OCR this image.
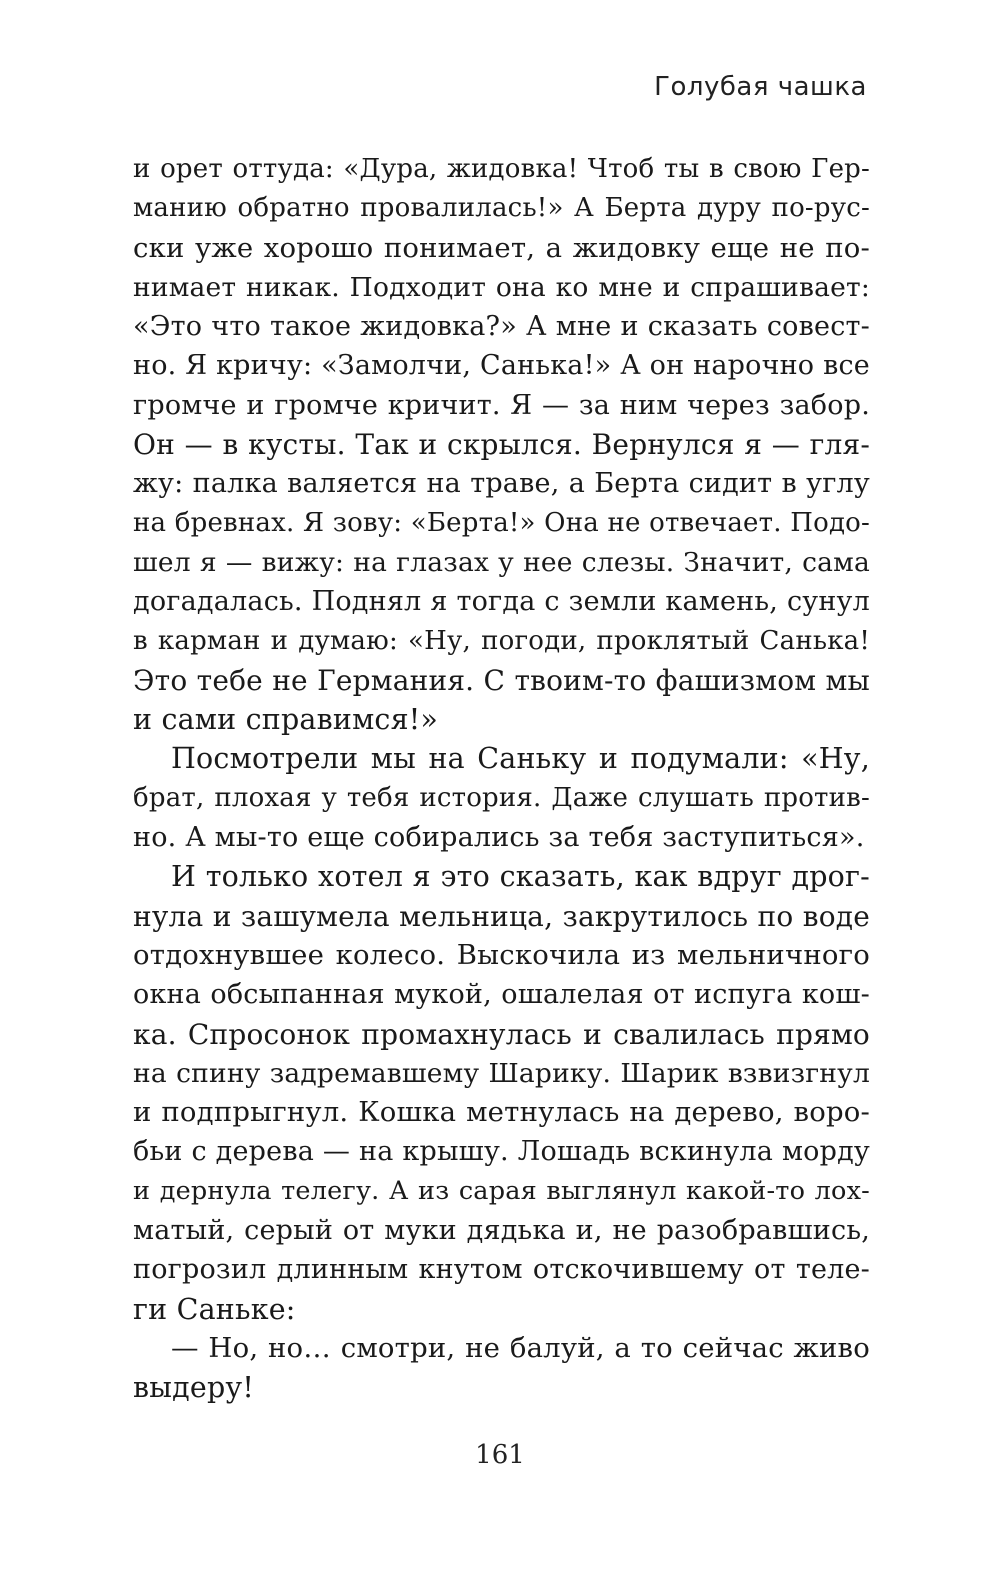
Голубая чашка
и орет оттуда: «Дура, жидовка! Чтоб ты в свою Гер-
манию обратно провалилась!» А Берта дуру по-рус-
ски уже хорошо понимает, а жидовку еще не по-
нимает никак. Подходит она ко мне и спрашивает:
«Это что такое жидовка?» А мне и сказать совест-
но. Я кричу: «Замолчи, Санька!» А он нарочно все
громче и громче кричит. Я — за ним через забор.
Он — в кусты. Так и скрылся. Вернулся я — гля-
жу: палка валяется на траве, а Берта сидит в углу
на бревнах. Я зову: «Берта!» Она не отвечает. Подо-
шел я — вижу: на глазах у нее слезы. Значит, сама
догадалась. Поднял я тогда с земли камень, сунул
в карман и думаю: «Ну, погоди, проклятый Санька!
Это тебе не Германия. С твоим-то фашизмом мы
и сами справимся!»
Посмотрели мы на Саньку и подумали: «Ну,
брат, плохая у тебя история. Даже слушать против-
но. А мы-то еще собирались за тебя заступиться».
И только хотел я это сказать, как вдруг дрог-
нула и зашумела мельница, закрутилось по воде
отдохнувшее колесо. Выскочила из мельничного
окна обсыпанная мукой, ошалелая от испуга кош-
ка. Спросонок промахнулась и свалилась прямо
на спину задремавшему Шарику. Шарик взвизгнул
и подпрыгнул. Кошка метнулась на дерево, воро-
бьи с дерева — на крышу. Лошадь вскинула морду
и дернула телегу. А из сарая выглянул какой-то лох-
матый, серый от муки дядька и, не разобравшись,
погрозил длинным кнутом отскочившему от теле-
ги Саньке:
— Но, но… смотри, не балуй, а то сейчас живо
выдеру!
161
